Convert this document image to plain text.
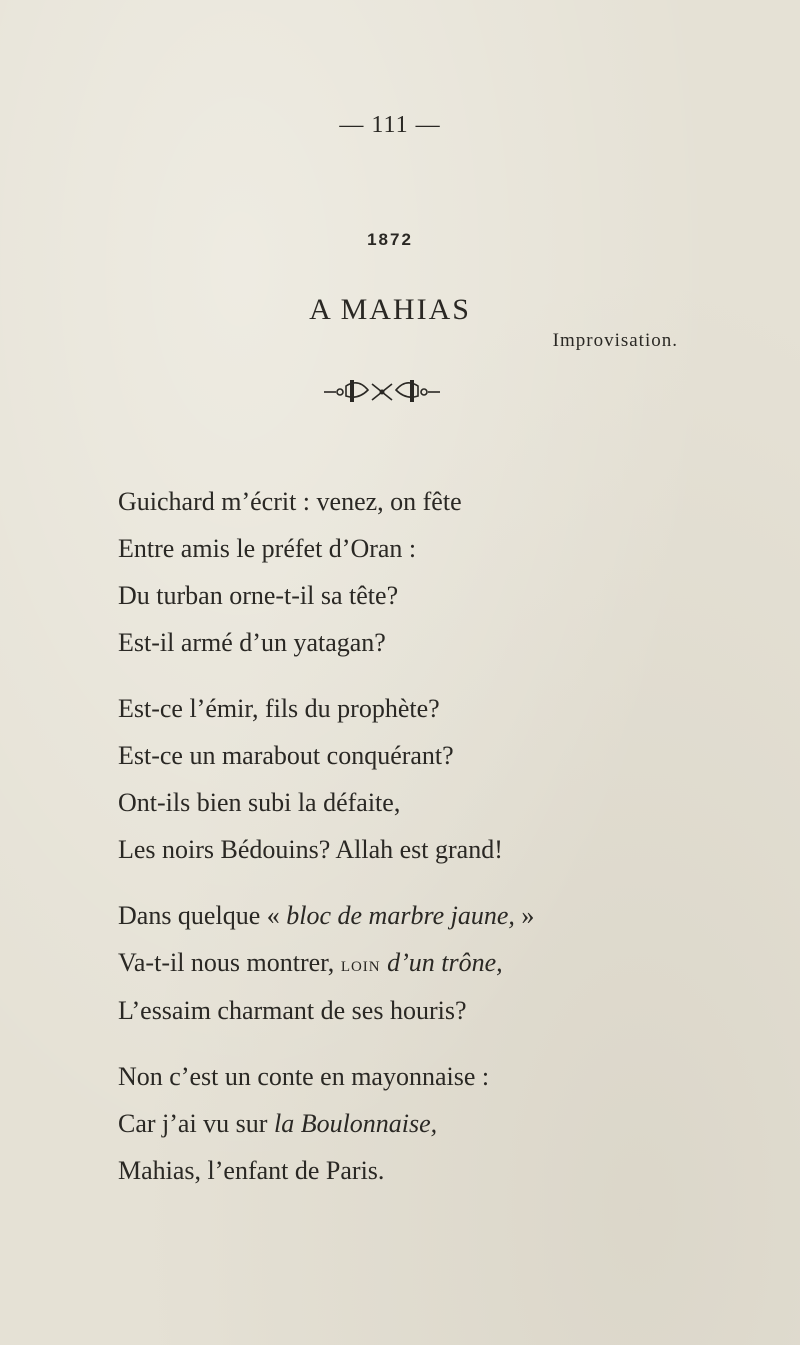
— 111 —
1872
A MAHIAS
Improvisation.
Guichard m’écrit : venez, on fête
Entre amis le préfet d’Oran :
Du turban orne-t-il sa tête?
Est-il armé d’un yatagan?
Est-ce l’émir, fils du prophète?
Est-ce un marabout conquérant?
Ont-ils bien subi la défaite,
Les noirs Bédouins? Allah est grand!
Dans quelque « bloc de marbre jaune, »
Va-t-il nous montrer, loin d’un trône,
L’essaim charmant de ses houris?
Non c’est un conte en mayonnaise :
Car j’ai vu sur la Boulonnaise,
Mahias, l’enfant de Paris.
